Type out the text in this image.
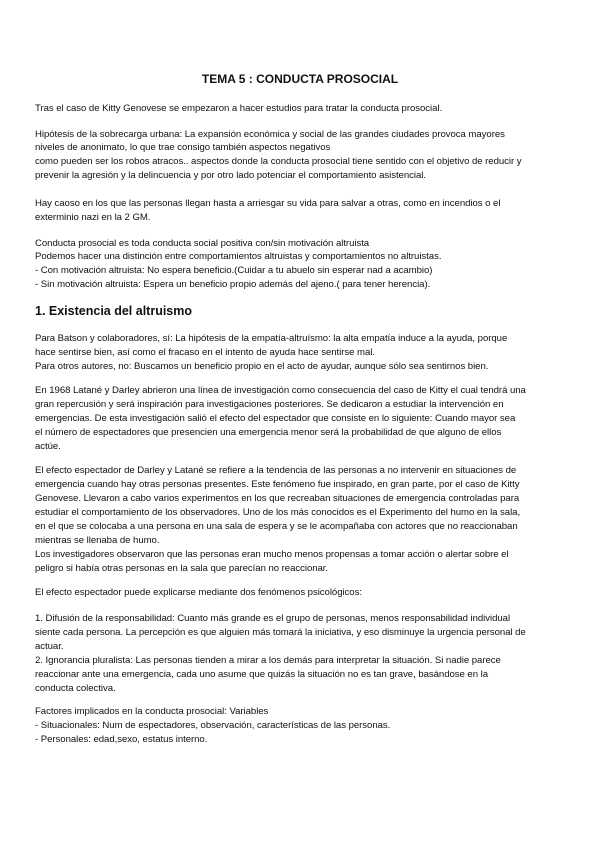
TEMA 5 : CONDUCTA PROSOCIAL
1. Existencia del altruismo
Tras el caso de Kitty Genovese se empezaron a hacer estudios para tratar la conducta prosocial.
Hipótesis de la sobrecarga urbana: La expansión económica y social de las grandes ciudades provoca mayores
niveles de anonimato, lo que trae consigo también aspectos negativos
como pueden ser los robos atracos.. aspectos donde la conducta prosocial tiene sentido con el objetivo de reducir y
prevenir la agresión y la delincuencia y por otro lado potenciar el comportamiento asistencial.
Hay caoso en los que las personas llegan hasta a arriesgar su vida para salvar a otras, como en incendios o el
exterminio nazi en la 2 GM.
Conducta prosocial es toda conducta social positiva con/sin motivación altruista
Podemos hacer una distinción entre comportamientos altruistas y comportamientos no altruistas.
- Con motivación altruista: No espera beneficio.(Cuidar a tu abuelo sin esperar nad a acambio)
- Sin motivación altruista: Espera un beneficio propio además del ajeno.( para tener herencia).
Para Batson y colaboradores, sí: La hipótesis de la empatía-altruísmo: la alta empatía induce a la ayuda, porque
hace sentirse bien, así como el fracaso en el intento de ayuda hace sentirse mal.
Para otros autores, no: Buscamos un beneficio propio en el acto de ayudar, aunque sólo sea sentirnos bien.
En 1968 Latané y Darley abrieron una línea de investigación como consecuencia del caso de Kitty el cual tendrá una
gran repercusión y será inspiración para investigaciones posteriores. Se dedicaron a estudiar la intervención en
emergencias. De esta investigación salió el efecto del espectador que consiste en lo siguiente: Cuando mayor sea
el número de espectadores que presencien una emergencia menor será la probabilidad de que alguno de ellos
actúe.
El efecto espectador de Darley y Latané se refiere a la tendencia de las personas a no intervenir en situaciones de
emergencia cuando hay otras personas presentes. Este fenómeno fue inspirado, en gran parte, por el caso de Kitty
Genovese. Llevaron a cabo varios experimentos en los que recreaban situaciones de emergencia controladas para
estudiar el comportamiento de los observadores. Uno de los más conocidos es el Experimento del humo en la sala,
en el que se colocaba a una persona en una sala de espera y se le acompañaba con actores que no reaccionaban
mientras se llenaba de humo.
Los investigadores observaron que las personas eran mucho menos propensas a tomar acción o alertar sobre el
peligro si había otras personas en la sala que parecían no reaccionar.
El efecto espectador puede explicarse mediante dos fenómenos psicológicos:
1. Difusión de la responsabilidad: Cuanto más grande es el grupo de personas, menos responsabilidad individual
siente cada persona. La percepción es que alguien más tomará la iniciativa, y eso disminuye la urgencia personal de
actuar.
2. Ignorancia pluralista: Las personas tienden a mirar a los demás para interpretar la situación. Si nadie parece
reaccionar ante una emergencia, cada uno asume que quizás la situación no es tan grave, basándose en la
conducta colectiva.
Factores implicados en la conducta prosocial: Variables
- Situacionales: Num de espectadores, observación, características de las personas.
- Personales: edad,sexo, estatus interno.
